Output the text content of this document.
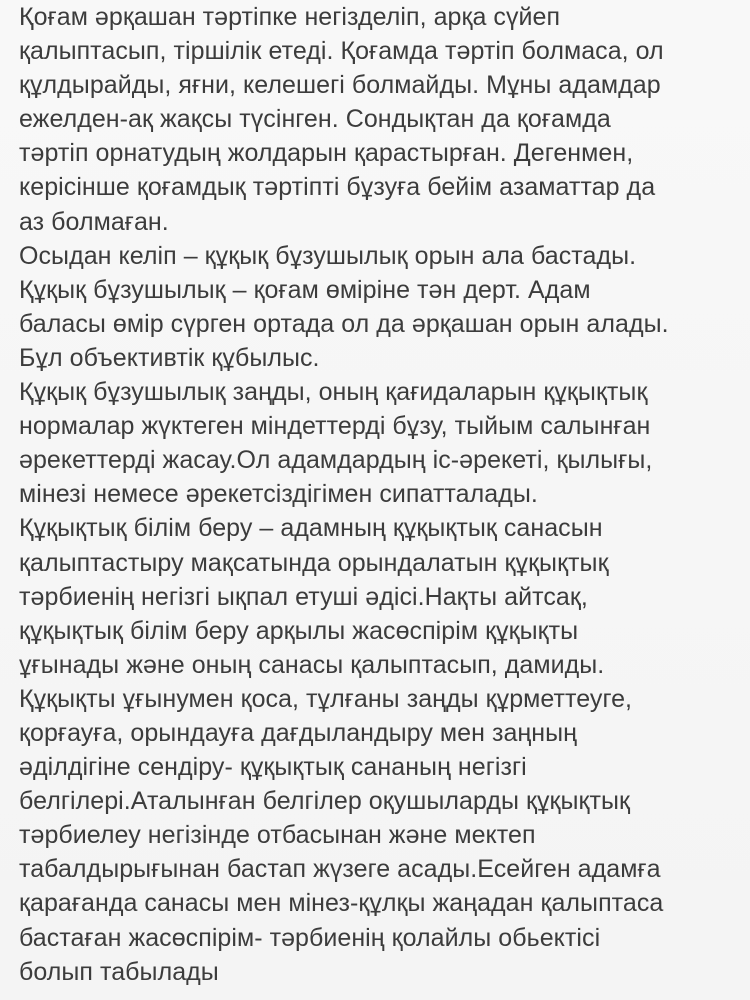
Қоғам әрқашан тәртіпке негізделіп, арқа сүйеп
қалыптасып, тіршілік етеді. Қоғамда тәртіп болмаса, ол
құлдырайды, яғни, келешегі болмайды. Мұны адамдар
ежелден-ақ жақсы түсінген. Сондықтан да қоғамда
тәртіп орнатудың жолдарын қарастырған. Дегенмен,
керісінше қоғамдық тәртіпті бұзуға бейім азаматтар да
аз болмаған.
Осыдан келіп – құқық бұзушылық орын ала бастады.
Құқық бұзушылық – қоғам өміріне тән дерт. Адам
баласы өмір сүрген ортада ол да әрқашан орын алады.
Бұл объективтік құбылыс.
Құқық бұзушылық заңды, оның қағидаларын құқықтық
нормалар жүктеген міндеттерді бұзу, тыйым салынған
әрекеттерді жасау.Ол адамдардың іс-әрекеті, қылығы,
мінезі немесе әрекетсіздігімен сипатталады.
Құқықтық білім беру – адамның құқықтық санасын
қалыптастыру мақсатында орындалатын құқықтық
тәрбиенің негізгі ықпал етуші әдісі.Нақты айтсақ,
құқықтық білім беру арқылы жасөспірім құқықты
ұғынады және оның санасы қалыптасып, дамиды.
Құқықты ұғынумен қоса, тұлғаны заңды құрметтеуге,
қорғауға, орындауға дағдыландыру мен заңның
әділдігіне сендіру- құқықтық сананың негізгі
белгілері.Аталынған белгілер оқушыларды құқықтық
тәрбиелеу негізінде отбасынан және мектеп
табалдырығынан бастап жүзеге асады.Есейген адамға
қарағанда санасы мен мінез-құлқы жаңадан қалыптаса
бастаған жасөспірім- тәрбиенің қолайлы обьектісі
болып табылады
